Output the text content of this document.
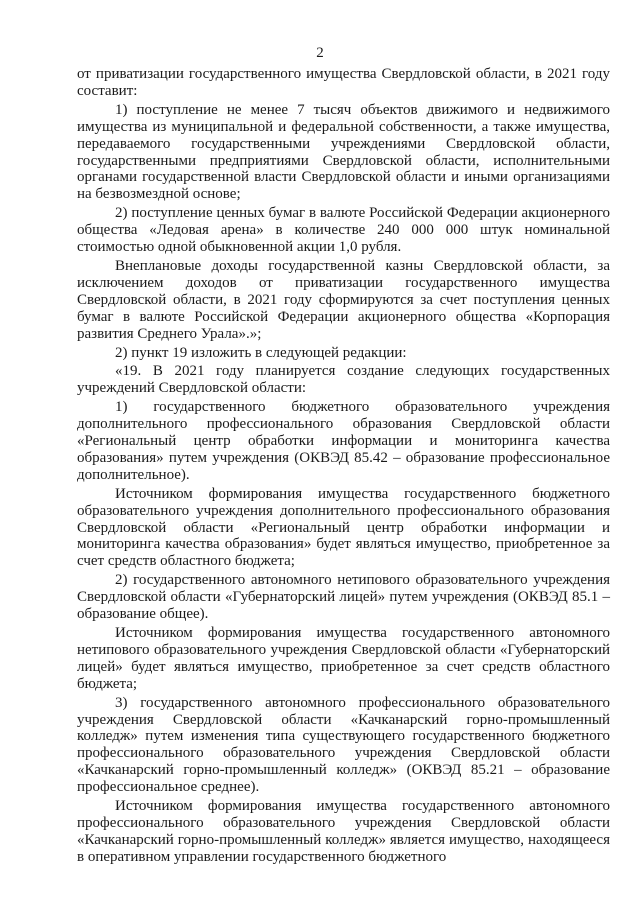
2

от приватизации государственного имущества Свердловской области, в 2021 году составит:

1) поступление не менее 7 тысяч объектов движимого и недвижимого имущества из муниципальной и федеральной собственности, а также имущества, передаваемого государственными учреждениями Свердловской области, государственными предприятиями Свердловской области, исполнительными органами государственной власти Свердловской области и иными организациями на безвозмездной основе;

2) поступление ценных бумаг в валюте Российской Федерации акционерного общества «Ледовая арена» в количестве 240 000 000 штук номинальной стоимостью одной обыкновенной акции 1,0 рубля.

Внеплановые доходы государственной казны Свердловской области, за исключением доходов от приватизации государственного имущества Свердловской области, в 2021 году сформируются за счет поступления ценных бумаг в валюте Российской Федерации акционерного общества «Корпорация развития Среднего Урала».»;

2) пункт 19 изложить в следующей редакции:

«19. В 2021 году планируется создание следующих государственных учреждений Свердловской области:

1) государственного бюджетного образовательного учреждения дополнительного профессионального образования Свердловской области «Региональный центр обработки информации и мониторинга качества образования» путем учреждения (ОКВЭД 85.42 – образование профессиональное дополнительное).

Источником формирования имущества государственного бюджетного образовательного учреждения дополнительного профессионального образования Свердловской области «Региональный центр обработки информации и мониторинга качества образования» будет являться имущество, приобретенное за счет средств областного бюджета;

2) государственного автономного нетипового образовательного учреждения Свердловской области «Губернаторский лицей» путем учреждения (ОКВЭД 85.1 – образование общее).

Источником формирования имущества государственного автономного нетипового образовательного учреждения Свердловской области «Губернаторский лицей» будет являться имущество, приобретенное за счет средств областного бюджета;

3) государственного автономного профессионального образовательного учреждения Свердловской области «Качканарский горно-промышленный колледж» путем изменения типа существующего государственного бюджетного профессионального образовательного учреждения Свердловской области «Качканарский горно-промышленный колледж» (ОКВЭД 85.21 – образование профессиональное среднее).

Источником формирования имущества государственного автономного профессионального образовательного учреждения Свердловской области «Качканарский горно-промышленный колледж» является имущество, находящееся в оперативном управлении государственного бюджетного
